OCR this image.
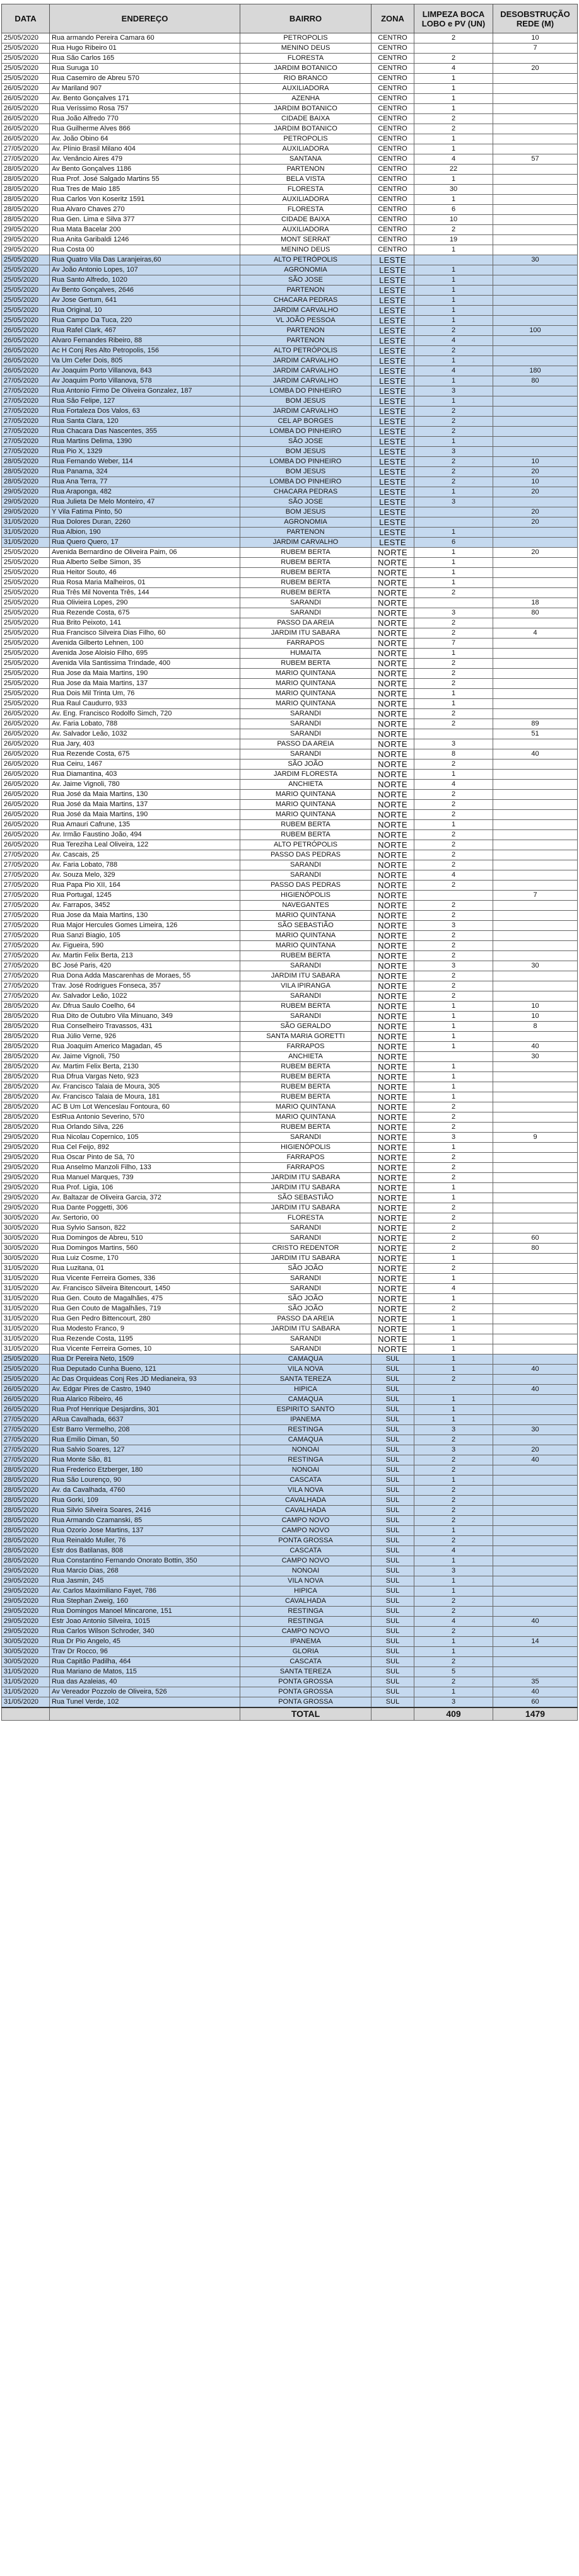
DATA	ENDEREÇO	BAIRRO	ZONA	LIMPEZA BOCA LOBO e PV (UN)	DESOBSTRUÇÃO REDE (M)
25/05/2020	Rua armando Pereira Camara 60	PETROPOLIS	CENTRO	2	10
25/05/2020	Rua Hugo Ribeiro 01	MENINO DEUS	CENTRO		7
25/05/2020	Rua São Carlos 165	FLORESTA	CENTRO	2	
25/05/2020	Rua Suruga 10	JARDIM BOTANICO	CENTRO	4	20
25/05/2020	Rua Casemiro de Abreu 570	RIO BRANCO	CENTRO	1	
26/05/2020	Av Mariland 907	AUXILIADORA	CENTRO	1	
26/05/2020	Av. Bento Gonçalves 171	AZENHA	CENTRO	1	
26/05/2020	Rua Veríssimo Rosa 757	JARDIM BOTANICO	CENTRO	1	
26/05/2020	Rua João Alfredo 770	CIDADE BAIXA	CENTRO	2	
26/05/2020	Rua Guilherme Alves 866	JARDIM BOTANICO	CENTRO	2	
26/05/2020	Av. João Obino 64	PETROPOLIS	CENTRO	1	
27/05/2020	Av. Plínio Brasil Milano 404	AUXILIADORA	CENTRO	1	
27/05/2020	Av. Venâncio Aires 479	SANTANA	CENTRO	4	57
28/05/2020	Av Bento Gonçalves 1186	PARTENON	CENTRO	22	
28/05/2020	Rua Prof. José Salgado Martins 55	BELA VISTA	CENTRO	1	
28/05/2020	Rua Tres de Maio 185	FLORESTA	CENTRO	30	
28/05/2020	Rua Carlos Von Koseritz 1591	AUXILIADORA	CENTRO	1	
28/05/2020	Rua Alvaro Chaves 270	FLORESTA	CENTRO	6	
28/05/2020	Rua Gen. Lima e Silva 377	CIDADE BAIXA	CENTRO	10	
29/05/2020	Rua Mata Bacelar 200	AUXILIADORA	CENTRO	2	
29/05/2020	Rua Anita Garibaldi 1246	MONT SERRAT	CENTRO	19	
29/05/2020	Rua Costa 00	MENINO DEUS	CENTRO	1	
25/05/2020	Rua Quatro Vila Das Laranjeiras,60	ALTO PETRÓPOLIS	LESTE		30
25/05/2020	Av João Antonio Lopes, 107	AGRONOMIA	LESTE	1	
25/05/2020	Rua Santo Alfredo, 1020	SÃO JOSE	LESTE	1	
25/05/2020	Av Bento Gonçalves, 2646	PARTENON	LESTE	1	
25/05/2020	Av Jose Gertum, 641	CHACARA PEDRAS	LESTE	1	
25/05/2020	Rua Original, 10	JARDIM CARVALHO	LESTE	1	
25/05/2020	Rua Campo Da Tuca, 220	VL JOÃO PESSOA	LESTE	1	
26/05/2020	Rua Rafel Clark, 467	PARTENON	LESTE	2	100
26/05/2020	Alvaro Fernandes Ribeiro, 88	PARTENON	LESTE	4	
26/05/2020	Ac H Conj Res Alto Petropolis, 156	ALTO PETRÓPOLIS	LESTE	2	
26/05/2020	Va Um Cefer Dois, 805	JARDIM CARVALHO	LESTE	1	
26/05/2020	Av Joaquim Porto Villanova, 843	JARDIM CARVALHO	LESTE	4	180
27/05/2020	Av Joaquim Porto Villanova, 578	JARDIM CARVALHO	LESTE	1	80
27/05/2020	Rua Antonio Firmo De Oliveira Gonzalez, 187	LOMBA DO PINHEIRO	LESTE	3	
27/05/2020	Rua São Felipe, 127	BOM JESUS	LESTE	1	
27/05/2020	Rua Fortaleza Dos Valos, 63	JARDIM CARVALHO	LESTE	2	
27/05/2020	Rua Santa Clara, 120	CEL AP BORGES	LESTE	2	
27/05/2020	Rua Chacara Das Nascentes, 355	LOMBA DO PINHEIRO	LESTE	2	
27/05/2020	Rua Martins Delima, 1390	SÃO JOSE	LESTE	1	
27/05/2020	Rua Pio X, 1329	BOM JESUS	LESTE	3	
28/05/2020	Rua Fernando Weber, 114	LOMBA DO PINHEIRO	LESTE	2	10
28/05/2020	Rua Panama, 324	BOM JESUS	LESTE	2	20
28/05/2020	Rua Ana Terra, 77	LOMBA DO PINHEIRO	LESTE	2	10
29/05/2020	Rua Araponga, 482	CHACARA PEDRAS	LESTE	1	20
29/05/2020	Rua Julieta De Melo Monteiro, 47	SÃO JOSE	LESTE	3	
29/05/2020	Y Vila Fatima Pinto, 50	BOM JESUS	LESTE		20
31/05/2020	Rua Dolores Duran, 2260	AGRONOMIA	LESTE		20
31/05/2020	Rua Albion, 190	PARTENON	LESTE	1	
31/05/2020	Rua Quero Quero, 17	JARDIM CARVALHO	LESTE	6	
25/05/2020	Avenida Bernardino de Oliveira Paim, 06	RUBEM BERTA	NORTE	1	20
25/05/2020	Rua Alberto Selbe Simon, 35	RUBEM BERTA	NORTE	1	
25/05/2020	Rua Heitor Souto, 46	RUBEM BERTA	NORTE	1	
25/05/2020	Rua Rosa Maria Malheiros, 01	RUBEM BERTA	NORTE	1	
25/05/2020	Rua Três Mil Noventa Três, 144	RUBEM BERTA	NORTE	2	
25/05/2020	Rua Olivieira Lopes, 290	SARANDI	NORTE		18
25/05/2020	Rua Rezende Costa, 675	SARANDI	NORTE	3	80
25/05/2020	Rua Brito Peixoto, 141	PASSO DA AREIA	NORTE	2	
25/05/2020	Rua Francisco Silveira Dias Filho, 60	JARDIM ITU SABARA	NORTE	2	4
25/05/2020	Avenida Gilberto Lehnen, 100	FARRAPOS	NORTE	7	
25/05/2020	Avenida Jose Aloisio Filho, 695	HUMAITA	NORTE	1	
25/05/2020	Avenida Vila Santissima Trindade, 400	RUBEM BERTA	NORTE	2	
25/05/2020	Rua Jose da Maia Martins, 190	MARIO QUINTANA	NORTE	2	
25/05/2020	Rua Jose da Maia Martins, 137	MARIO QUINTANA	NORTE	2	
25/05/2020	Rua Dois Mil Trinta Um, 76	MARIO QUINTANA	NORTE	1	
25/05/2020	Rua Raul Caudurro, 933	MARIO QUINTANA	NORTE	1	
26/05/2020	Av. Eng. Francisco Rodolfo Simch, 720	SARANDI	NORTE	2	
26/05/2020	Av. Faria Lobato, 788	SARANDI	NORTE	2	89
26/05/2020	Av. Salvador Leão, 1032	SARANDI	NORTE		51
26/05/2020	Rua Jary, 403	PASSO DA AREIA	NORTE	3	
26/05/2020	Rua Rezende Costa, 675	SARANDI	NORTE	8	40
26/05/2020	Rua Ceiru, 1467	SÃO JOÃO	NORTE	2	
26/05/2020	Rua Diamantina, 403	JARDIM FLORESTA	NORTE	1	
26/05/2020	Av. Jaime Vignoli, 780	ANCHIETA	NORTE	4	
26/05/2020	Rua José da Maia Martins, 130	MARIO QUINTANA	NORTE	2	
26/05/2020	Rua José da Maia Martins, 137	MARIO QUINTANA	NORTE	2	
26/05/2020	Rua José da Maia Martins, 190	MARIO QUINTANA	NORTE	2	
26/05/2020	Rua Amauri Cafrune, 135	RUBEM BERTA	NORTE	1	
26/05/2020	Av. Irmão Faustino João, 494	RUBEM BERTA	NORTE	2	
26/05/2020	Rua Tereziha Leal Oliveira, 122	ALTO PETRÓPOLIS	NORTE	2	
27/05/2020	Av. Cascais, 25	PASSO DAS PEDRAS	NORTE	2	
27/05/2020	Av. Faria Lobato, 788	SARANDI	NORTE	2	
27/05/2020	Av. Souza Melo, 329	SARANDI	NORTE	4	
27/05/2020	Rua Papa Pio XII, 164	PASSO DAS PEDRAS	NORTE	2	
27/05/2020	Rua Portugal, 1245	HIGIENÓPOLIS	NORTE		7
27/05/2020	Av. Farrapos, 3452	NAVEGANTES	NORTE	2	
27/05/2020	Rua Jose da Maia Martins, 130	MARIO QUINTANA	NORTE	2	
27/05/2020	Rua Major Hercules Gomes Limeira, 126	SÃO SEBASTIÃO	NORTE	3	
27/05/2020	Rua Sanzi Biagio, 105	MARIO QUINTANA	NORTE	2	
27/05/2020	Av. Figueira, 590	MARIO QUINTANA	NORTE	2	
27/05/2020	Av. Martin Felix Berta, 213	RUBEM BERTA	NORTE	2	
27/05/2020	BC José Paris, 420	SARANDI	NORTE	3	30
27/05/2020	Rua Dona Adda Mascarenhas de Moraes, 55	JARDIM ITU SABARA	NORTE	2	
27/05/2020	Trav. José Rodrigues Fonseca, 357	VILA IPIRANGA	NORTE	2	
27/05/2020	Av. Salvador Leão, 1022	SARANDI	NORTE	2	
28/05/2020	Av. Dfrua Saulo Coelho, 64	RUBEM BERTA	NORTE	1	10
28/05/2020	Rua Dito de Outubro Vila Minuano, 349	SARANDI	NORTE	1	10
28/05/2020	Rua Conselheiro Travassos, 431	SÃO GERALDO	NORTE	1	8
28/05/2020	Rua Júlio Verne, 926	SANTA MARIA GORETTI	NORTE	1	
28/05/2020	Rua Joaquim Americo Magadan, 45	FARRAPOS	NORTE	1	40
28/05/2020	Av. Jaime Vignoli, 750	ANCHIETA	NORTE		30
28/05/2020	Av. Martim Felix Berta, 2130	RUBEM BERTA	NORTE	1	
28/05/2020	Rua Dfrua Vargas Neto, 923	RUBEM BERTA	NORTE	1	
28/05/2020	Av. Francisco Talaia de Moura, 305	RUBEM BERTA	NORTE	1	
28/05/2020	Av. Francisco Talaia de Moura, 181	RUBEM BERTA	NORTE	1	
28/05/2020	AC B Um Lot Wenceslau Fontoura, 60	MARIO QUINTANA	NORTE	2	
28/05/2020	EstRua Antonio Severino, 570	MARIO QUINTANA	NORTE	2	
28/05/2020	Rua Orlando Silva, 226	RUBEM BERTA	NORTE	2	
29/05/2020	Rua Nicolau Copernico, 105	SARANDI	NORTE	3	9
29/05/2020	Rua Cel Feijo, 892	HIGIENÓPOLIS	NORTE	1	
29/05/2020	Rua Oscar Pinto de Sá, 70	FARRAPOS	NORTE	2	
29/05/2020	Rua Anselmo Manzoli Filho, 133	FARRAPOS	NORTE	2	
29/05/2020	Rua Manuel Marques, 739	JARDIM ITU SABARA	NORTE	2	
29/05/2020	Rua Prof. Ligia, 106	JARDIM ITU SABARA	NORTE	1	
29/05/2020	Av. Baltazar de Oliveira Garcia, 372	SÃO SEBASTIÃO	NORTE	1	
29/05/2020	Rua Dante Poggetti, 306	JARDIM ITU SABARA	NORTE	2	
30/05/2020	Av. Sertorio, 00	FLORESTA	NORTE	2	
30/05/2020	Rua Sylvio Sanson, 822	SARANDI	NORTE	2	
30/05/2020	Rua Domingos de Abreu, 510	SARANDI	NORTE	2	60
30/05/2020	Rua Domingos Martins, 560	CRISTO REDENTOR	NORTE	2	80
30/05/2020	Rua Luiz Cosme, 170	JARDIM ITU SABARA	NORTE	1	
31/05/2020	Rua Luzitana, 01	SÃO JOÃO	NORTE	2	
31/05/2020	Rua Vicente Ferreira Gomes, 336	SARANDI	NORTE	1	
31/05/2020	Av. Francisco Silveira Bitencourt, 1450	SARANDI	NORTE	4	
31/05/2020	Rua Gen. Couto de Magalhães, 475	SÃO JOÃO	NORTE	1	
31/05/2020	Rua Gen Couto de Magalhães, 719	SÃO JOÃO	NORTE	2	
31/05/2020	Rua Gen Pedro Bittencourt, 280	PASSO DA AREIA	NORTE	1	
31/05/2020	Rua Modesto Franco, 9	JARDIM ITU SABARA	NORTE	1	
31/05/2020	Rua Rezende Costa, 1195	SARANDI	NORTE	1	
31/05/2020	Rua Vicente Ferreira Gomes, 10	SARANDI	NORTE	1	
25/05/2020	Rua Dr Pereira Neto, 1509	CAMAQUA	SUL	1	
25/05/2020	Rua Deputado Cunha Bueno, 121	VILA NOVA	SUL	1	40
25/05/2020	Ac Das Orquideas Conj Res JD Medianeira, 93	SANTA TEREZA	SUL	2	
26/05/2020	Av. Edgar Pires de Castro, 1940	HIPICA	SUL		40
26/05/2020	Rua Alarico Ribeiro, 46	CAMAQUA	SUL	1	
26/05/2020	Rua Prof Henrique Desjardins, 301	ESPIRITO SANTO	SUL	1	
27/05/2020	ARua Cavalhada, 6637	IPANEMA	SUL	1	
27/05/2020	Estr Barro Vermelho, 208	RESTINGA	SUL	3	30
27/05/2020	Rua Emilio Diman, 50	CAMAQUA	SUL	2	
27/05/2020	Rua Salvio Soares, 127	NONOAI	SUL	3	20
27/05/2020	Rua Monte São, 81	RESTINGA	SUL	2	40
28/05/2020	Rua Frederico Etzberger, 180	NONOAI	SUL	2	
28/05/2020	Rua São Lourenço, 90	CASCATA	SUL	1	
28/05/2020	Av. da Cavalhada, 4760	VILA NOVA	SUL	2	
28/05/2020	Rua Gorki, 109	CAVALHADA	SUL	2	
28/05/2020	Rua Silvio Silveira Soares, 2416	CAVALHADA	SUL	2	
28/05/2020	Rua Armando Czamanski, 85	CAMPO NOVO	SUL	2	
28/05/2020	Rua Ozorio Jose Martins, 137	CAMPO NOVO	SUL	1	
28/05/2020	Rua Reinaldo Muller, 76	PONTA GROSSA	SUL	2	
28/05/2020	Estr dos Batilanas, 808	CASCATA	SUL	4	
28/05/2020	Rua Constantino Fernando Onorato Bottin, 350	CAMPO NOVO	SUL	1	
29/05/2020	Rua Marcio Dias, 268	NONOAI	SUL	3	
29/05/2020	Rua Jasmin, 245	VILA NOVA	SUL	1	
29/05/2020	Av. Carlos Maximiliano Fayet, 786	HIPICA	SUL	1	
29/05/2020	Rua Stephan Zweig, 160	CAVALHADA	SUL	2	
29/05/2020	Rua Domingos Manoel Mincarone, 151	RESTINGA	SUL	2	
29/05/2020	Estr Joao Antonio Silveira, 1015	RESTINGA	SUL	4	40
29/05/2020	Rua Carlos Wilson Schroder, 340	CAMPO NOVO	SUL	2	
30/05/2020	Rua Dr Pio Angelo, 45	IPANEMA	SUL	1	14
30/05/2020	Trav Dr Rocco, 96	GLORIA	SUL	1	
30/05/2020	Rua Capitão Padilha, 464	CASCATA	SUL	2	
31/05/2020	Rua Mariano de Matos, 115	SANTA TEREZA	SUL	5	
31/05/2020	Rua das Azaleias, 40	PONTA GROSSA	SUL	2	35
31/05/2020	Av Vereador Pozzolo de Oliveira, 526	PONTA GROSSA	SUL	1	40
31/05/2020	Rua Tunel Verde, 102	PONTA GROSSA	SUL	3	60
		TOTAL		409	1479
